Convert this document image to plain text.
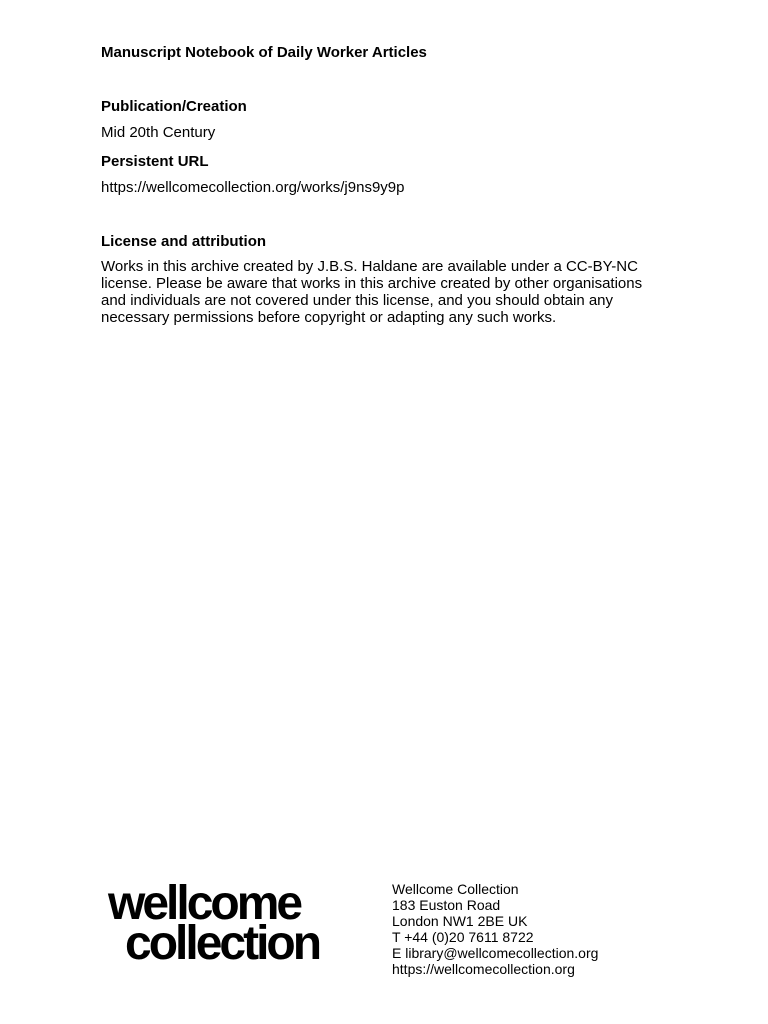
Manuscript Notebook of Daily Worker Articles

Publication/Creation

Mid 20th Century

Persistent URL

https://wellcomecollection.org/works/j9ns9y9p

License and attribution

Works in this archive created by J.B.S. Haldane are available under a CC-BY-NC license. Please be aware that works in this archive created by other organisations and individuals are not covered under this license, and you should obtain any necessary permissions before copyright or adapting any such works.

wellcome
collection
Wellcome Collection
183 Euston Road
London NW1 2BE UK
T +44 (0)20 7611 8722
E library@wellcomecollection.org
https://wellcomecollection.org
